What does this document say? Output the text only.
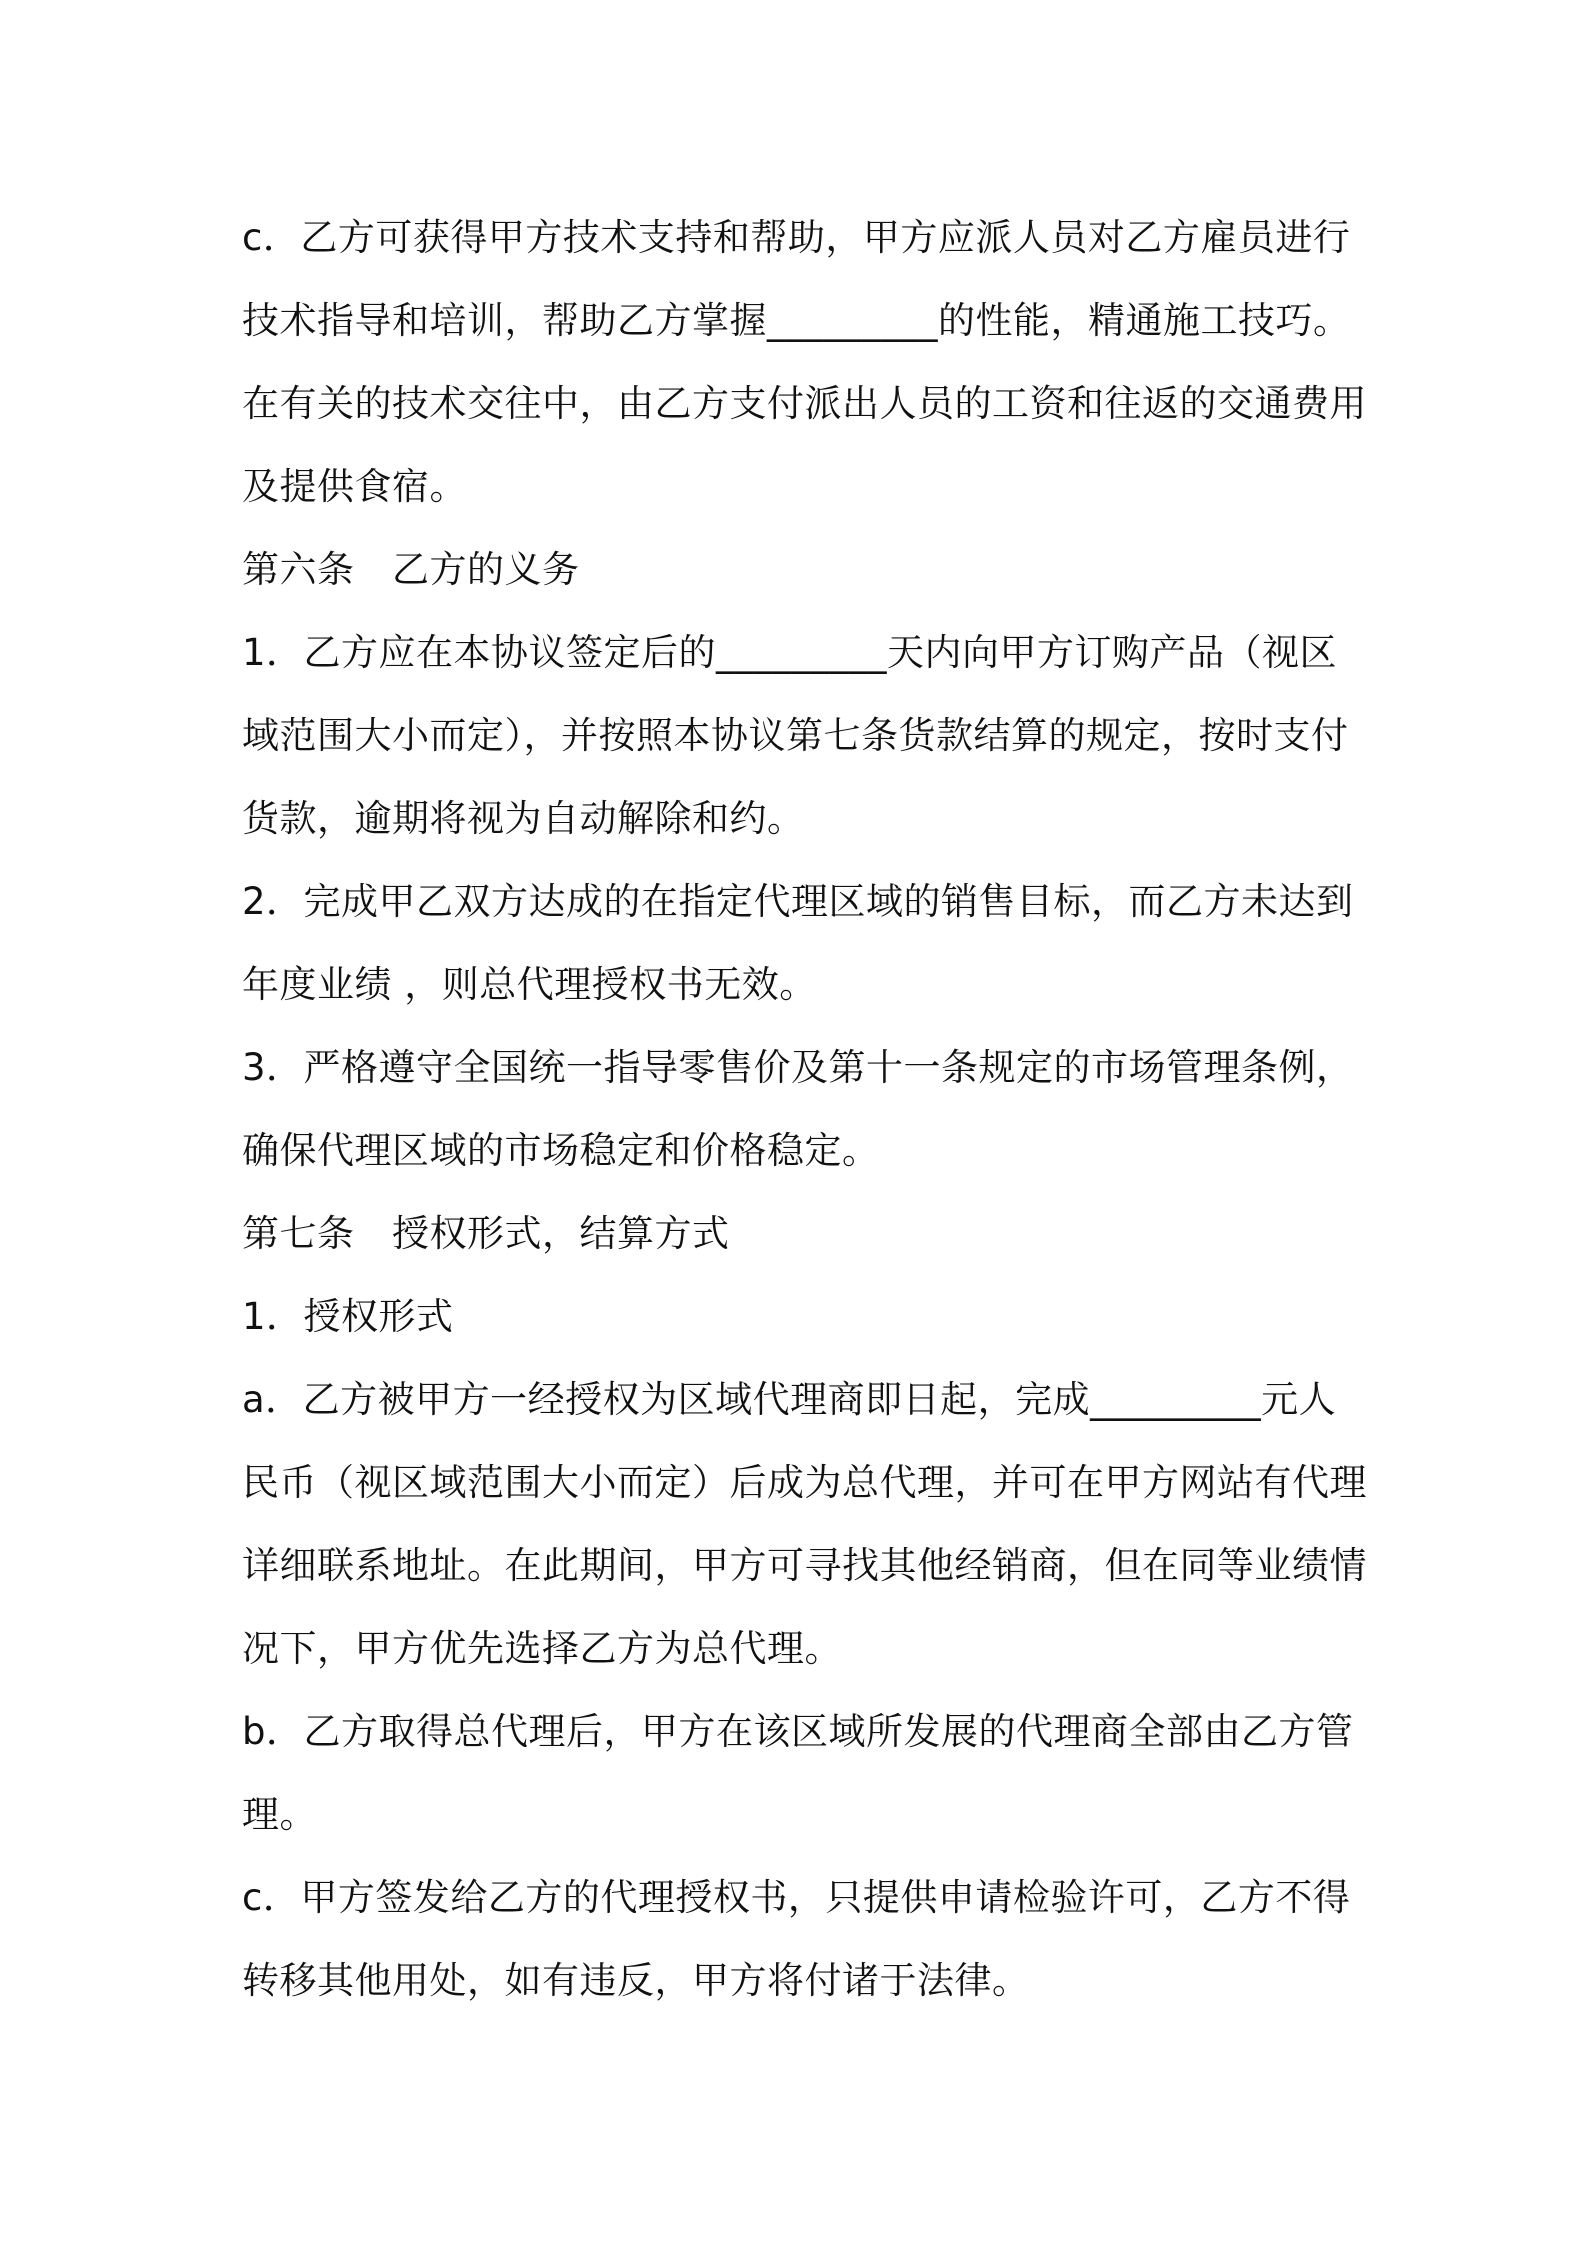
c．乙方可获得甲方技术支持和帮助，甲方应派人员对乙方雇员进行
技术指导和培训，帮助乙方掌握_________的性能，精通施工技巧。
在有关的技术交往中，由乙方支付派出人员的工资和往返的交通费用
及提供食宿。
第六条　乙方的义务
1．乙方应在本协议签定后的_________天内向甲方订购产品（视区
域范围大小而定），并按照本协议第七条货款结算的规定，按时支付
货款，逾期将视为自动解除和约。
2．完成甲乙双方达成的在指定代理区域的销售目标，而乙方未达到
年度业绩 ，则总代理授权书无效。
3．严格遵守全国统一指导零售价及第十一条规定的市场管理条例，
确保代理区域的市场稳定和价格稳定。
第七条　授权形式，结算方式
1．授权形式
a．乙方被甲方一经授权为区域代理商即日起，完成_________元人
民币（视区域范围大小而定）后成为总代理，并可在甲方网站有代理
详细联系地址。在此期间，甲方可寻找其他经销商，但在同等业绩情
况下，甲方优先选择乙方为总代理。
b．乙方取得总代理后，甲方在该区域所发展的代理商全部由乙方管
理。
c．甲方签发给乙方的代理授权书，只提供申请检验许可，乙方不得
转移其他用处，如有违反，甲方将付诸于法律。
